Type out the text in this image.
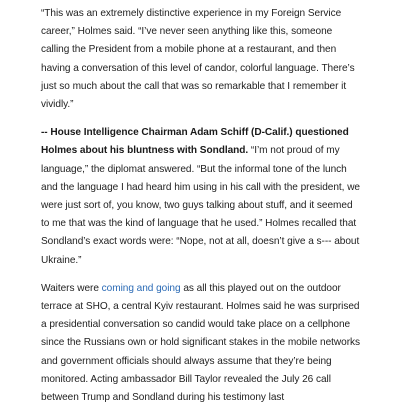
“This was an extremely distinctive experience in my Foreign Service career,” Holmes said. “I’ve never seen anything like this, someone calling the President from a mobile phone at a restaurant, and then having a conversation of this level of candor, colorful language. There’s just so much about the call that was so remarkable that I remember it vividly.”

-- House Intelligence Chairman Adam Schiff (D-Calif.) questioned Holmes about his bluntness with Sondland. “I’m not proud of my language,” the diplomat answered. “But the informal tone of the lunch and the language I had heard him using in his call with the president, we were just sort of, you know, two guys talking about stuff, and it seemed to me that was the kind of language that he used.” Holmes recalled that Sondland’s exact words were: “Nope, not at all, doesn’t give a s--- about Ukraine.”

Waiters were coming and going as all this played out on the outdoor terrace at SHO, a central Kyiv restaurant. Holmes said he was surprised a presidential conversation so candid would take place on a cellphone since the Russians own or hold significant stakes in the mobile networks and government officials should always assume that they’re being monitored. Acting ambassador Bill Taylor revealed the July 26 call between Trump and Sondland during his testimony last
